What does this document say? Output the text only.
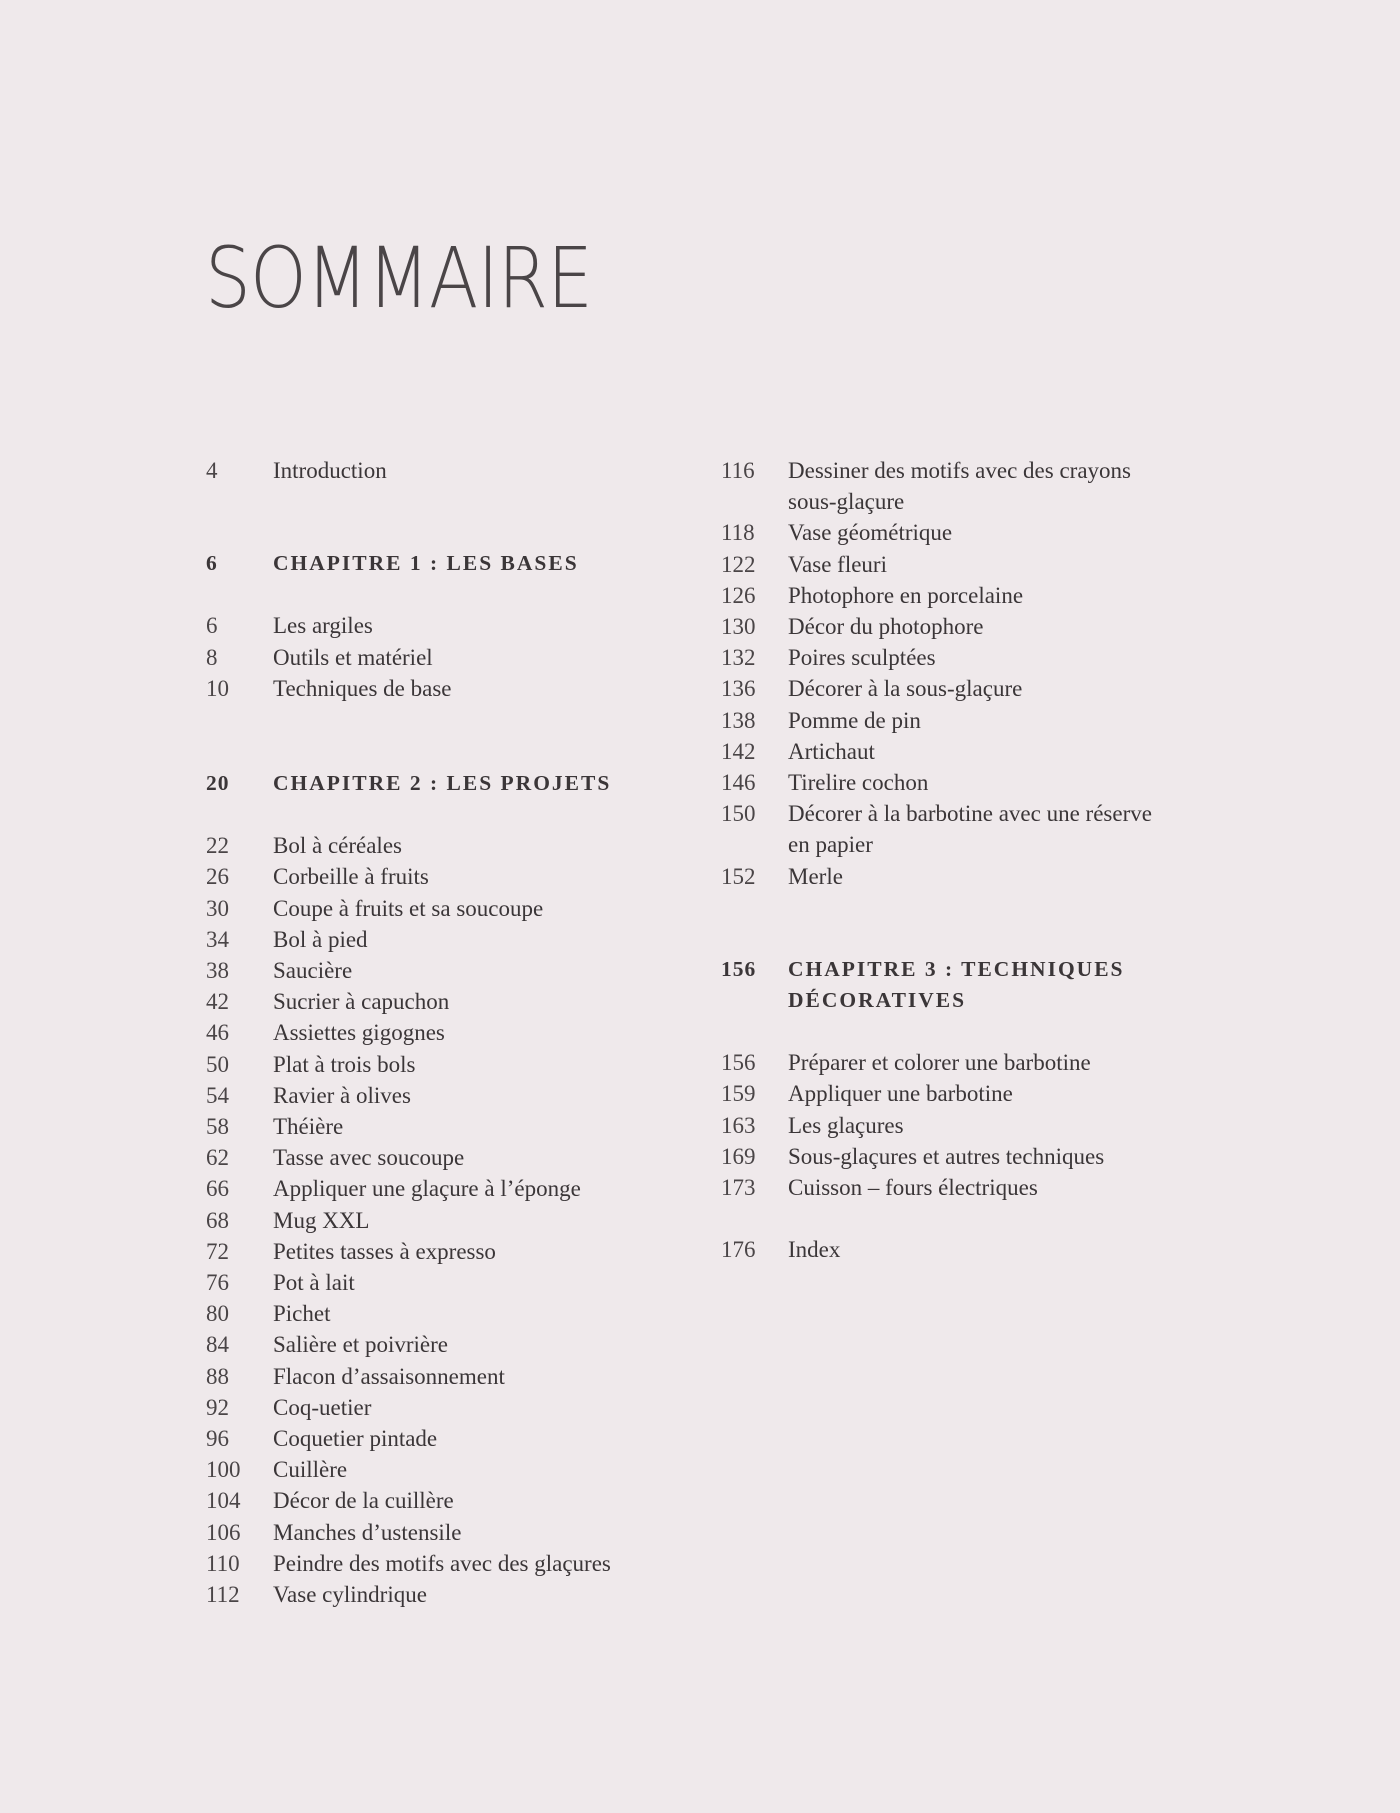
SOMMAIRE
4	Introduction
6	CHAPITRE 1 : LES BASES
6	Les argiles
8	Outils et matériel
10	Techniques de base
20	CHAPITRE 2 : LES PROJETS
22	Bol à céréales
26	Corbeille à fruits
30	Coupe à fruits et sa soucoupe
34	Bol à pied
38	Saucière
42	Sucrier à capuchon
46	Assiettes gigognes
50	Plat à trois bols
54	Ravier à olives
58	Théière
62	Tasse avec soucoupe
66	Appliquer une glaçure à l’éponge
68	Mug XXL
72	Petites tasses à expresso
76	Pot à lait
80	Pichet
84	Salière et poivrière
88	Flacon d’assaisonnement
92	Coq-uetier
96	Coquetier pintade
100	Cuillère
104	Décor de la cuillère
106	Manches d’ustensile
110	Peindre des motifs avec des glaçures
112	Vase cylindrique
116	Dessiner des motifs avec des crayons
sous-glaçure
118	Vase géométrique
122	Vase fleuri
126	Photophore en porcelaine
130	Décor du photophore
132	Poires sculptées
136	Décorer à la sous-glaçure
138	Pomme de pin
142	Artichaut
146	Tirelire cochon
150	Décorer à la barbotine avec une réserve
en papier
152	Merle
156	CHAPITRE 3 : TECHNIQUES
DÉCORATIVES
156	Préparer et colorer une barbotine
159	Appliquer une barbotine
163	Les glaçures
169	Sous-glaçures et autres techniques
173	Cuisson – fours électriques
176	Index
